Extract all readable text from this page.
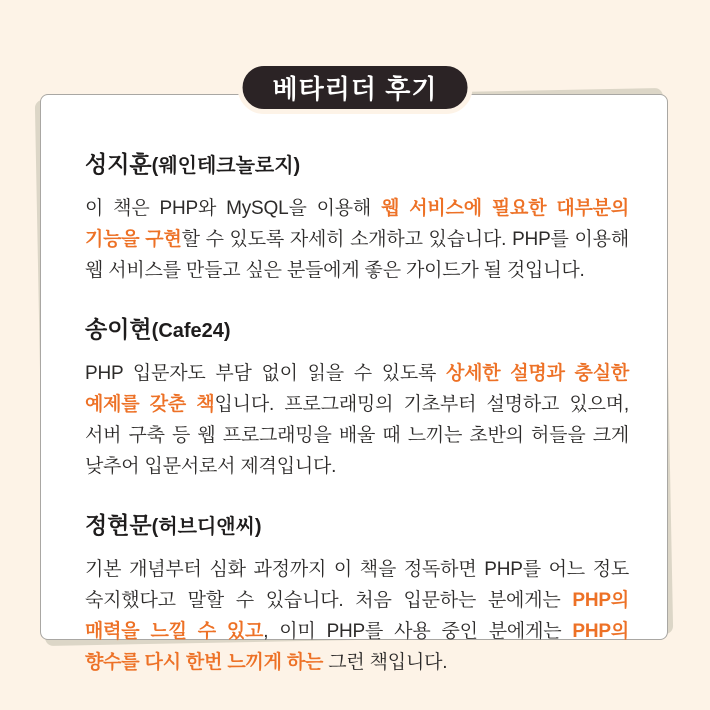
베타리더 후기
성지훈(웨인테크놀로지)

이 책은 PHP와 MySQL을 이용해 웹 서비스에 필요한 대부분의 기능을 구현할 수 있도록 자세히 소개하고 있습니다. PHP를 이용해 웹 서비스를 만들고 싶은 분들에게 좋은 가이드가 될 것입니다.

송이현(Cafe24)

PHP 입문자도 부담 없이 읽을 수 있도록 상세한 설명과 충실한 예제를 갖춘 책입니다. 프로그래밍의 기초부터 설명하고 있으며, 서버 구축 등 웹 프로그래밍을 배울 때 느끼는 초반의 허들을 크게 낮추어 입문서로서 제격입니다.

정현문(허브디앤씨)

기본 개념부터 심화 과정까지 이 책을 정독하면 PHP를 어느 정도 숙지했다고 말할 수 있습니다. 처음 입문하는 분에게는 PHP의 매력을 느낄 수 있고, 이미 PHP를 사용 중인 분에게는 PHP의 향수를 다시 한번 느끼게 하는 그런 책입니다.
